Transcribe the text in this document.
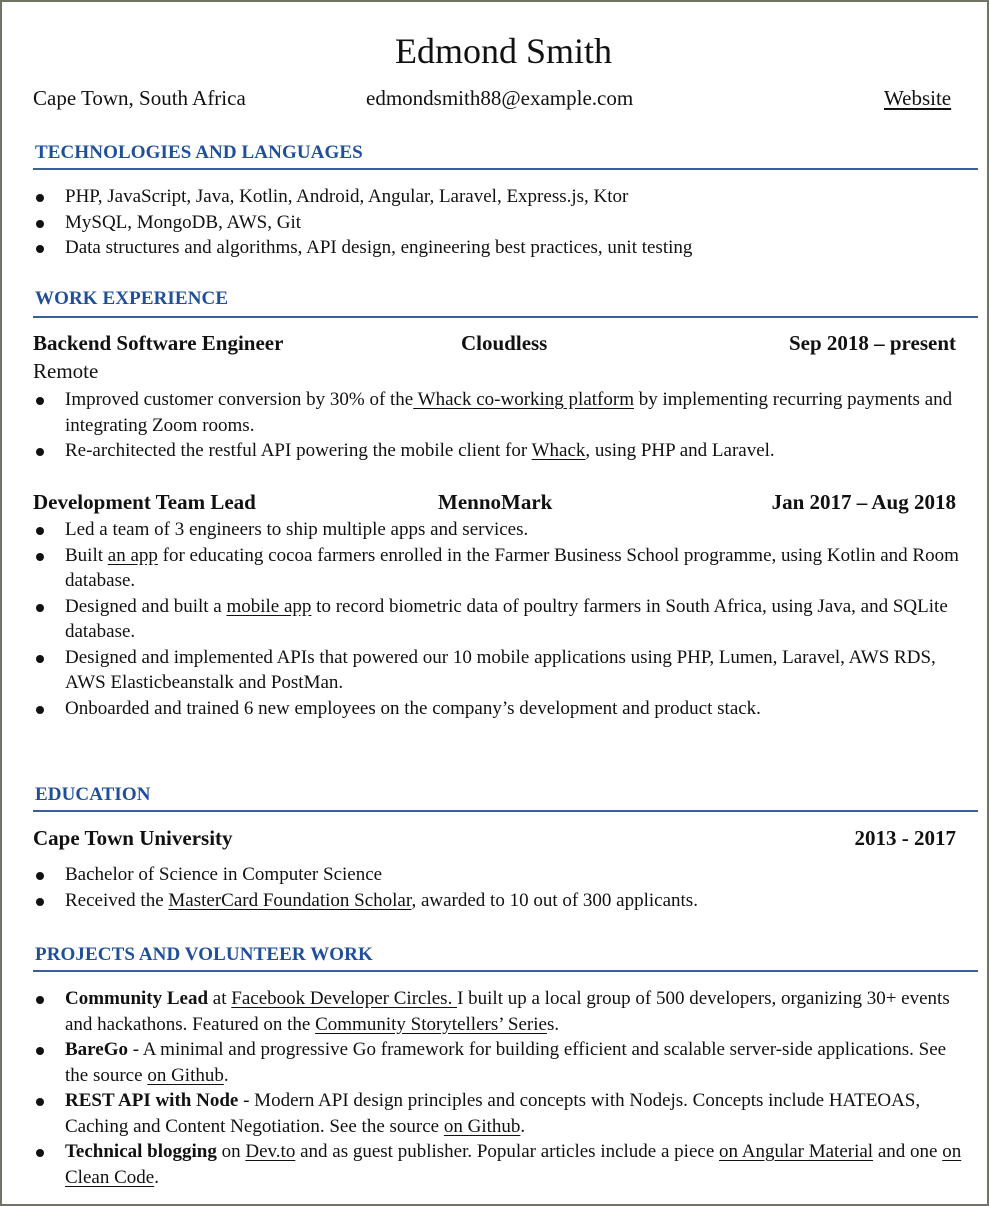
Edmond Smith
Cape Town, South Africa	edmondsmith88@example.com	Website
TECHNOLOGIES AND LANGUAGES
PHP, JavaScript, Java, Kotlin, Android, Angular, Laravel, Express.js, Ktor
MySQL, MongoDB, AWS, Git
Data structures and algorithms, API design, engineering best practices, unit testing
WORK EXPERIENCE
Backend Software Engineer	Cloudless	Sep 2018 – present
Remote
Improved customer conversion by 30% of the Whack co-working platform by implementing recurring payments and integrating Zoom rooms.
Re-architected the restful API powering the mobile client for Whack, using PHP and Laravel.
Development Team Lead	MennoMark	Jan 2017 – Aug 2018
Led a team of 3 engineers to ship multiple apps and services.
Built an app for educating cocoa farmers enrolled in the Farmer Business School programme, using Kotlin and Room database.
Designed and built a mobile app to record biometric data of poultry farmers in South Africa, using Java, and SQLite database.
Designed and implemented APIs that powered our 10 mobile applications using PHP, Lumen, Laravel, AWS RDS, AWS Elasticbeanstalk and PostMan.
Onboarded and trained 6 new employees on the company’s development and product stack.
EDUCATION
Cape Town University	2013 - 2017
Bachelor of Science in Computer Science
Received the MasterCard Foundation Scholar, awarded to 10 out of 300 applicants.
PROJECTS AND VOLUNTEER WORK
Community Lead at Facebook Developer Circles. I built up a local group of 500 developers, organizing 30+ events and hackathons. Featured on the Community Storytellers’ Series.
BareGo - A minimal and progressive Go framework for building efficient and scalable server-side applications. See the source on Github.
REST API with Node - Modern API design principles and concepts with Nodejs. Concepts include HATEOAS, Caching and Content Negotiation. See the source on Github.
Technical blogging on Dev.to and as guest publisher. Popular articles include a piece on Angular Material and one on Clean Code.
